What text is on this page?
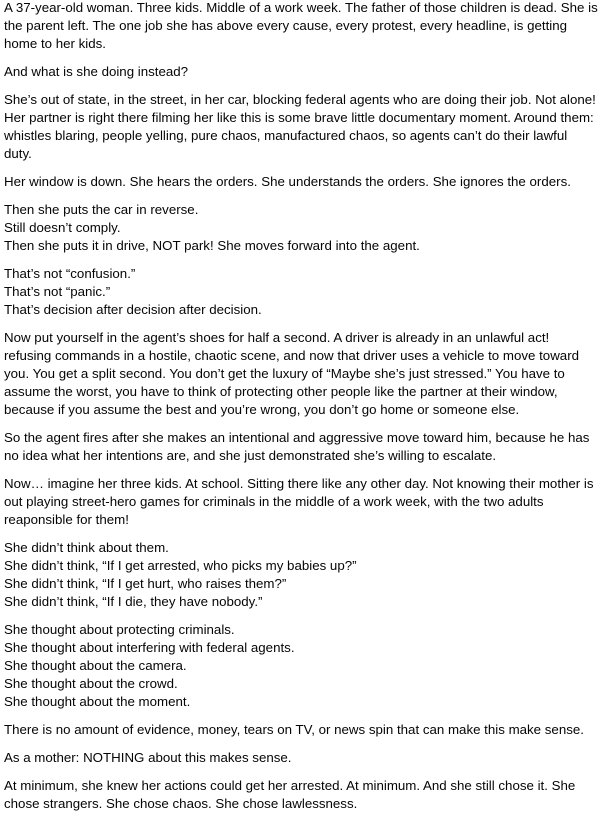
A 37-year-old woman. Three kids. Middle of a work week. The father of those children is dead. She is the parent left. The one job she has above every cause, every protest, every headline, is getting home to her kids.

And what is she doing instead?

She’s out of state, in the street, in her car, blocking federal agents who are doing their job. Not alone! Her partner is right there filming her like this is some brave little documentary moment. Around them: whistles blaring, people yelling, pure chaos, manufactured chaos, so agents can’t do their lawful duty.

Her window is down. She hears the orders. She understands the orders. She ignores the orders.

Then she puts the car in reverse.
Still doesn’t comply.
Then she puts it in drive, NOT park! She moves forward into the agent.

That’s not “confusion.”
That’s not “panic.”
That’s decision after decision after decision.

Now put yourself in the agent’s shoes for half a second. A driver is already in an unlawful act! refusing commands in a hostile, chaotic scene, and now that driver uses a vehicle to move toward you. You get a split second. You don’t get the luxury of “Maybe she’s just stressed.” You have to assume the worst, you have to think of protecting other people like the partner at their window, because if you assume the best and you’re wrong, you don’t go home or someone else.

So the agent fires after she makes an intentional and aggressive move toward him, because he has no idea what her intentions are, and she just demonstrated she’s willing to escalate.

Now… imagine her three kids. At school. Sitting there like any other day. Not knowing their mother is out playing street-hero games for criminals in the middle of a work week, with the two adults reaponsible for them!

She didn’t think about them.
She didn’t think, “If I get arrested, who picks my babies up?”
She didn’t think, “If I get hurt, who raises them?”
She didn’t think, “If I die, they have nobody.”

She thought about protecting criminals.
She thought about interfering with federal agents.
She thought about the camera.
She thought about the crowd.
She thought about the moment.

There is no amount of evidence, money, tears on TV, or news spin that can make this make sense.

As a mother: NOTHING about this makes sense.

At minimum, she knew her actions could get her arrested. At minimum. And she still chose it. She chose strangers. She chose chaos. She chose lawlessness.
